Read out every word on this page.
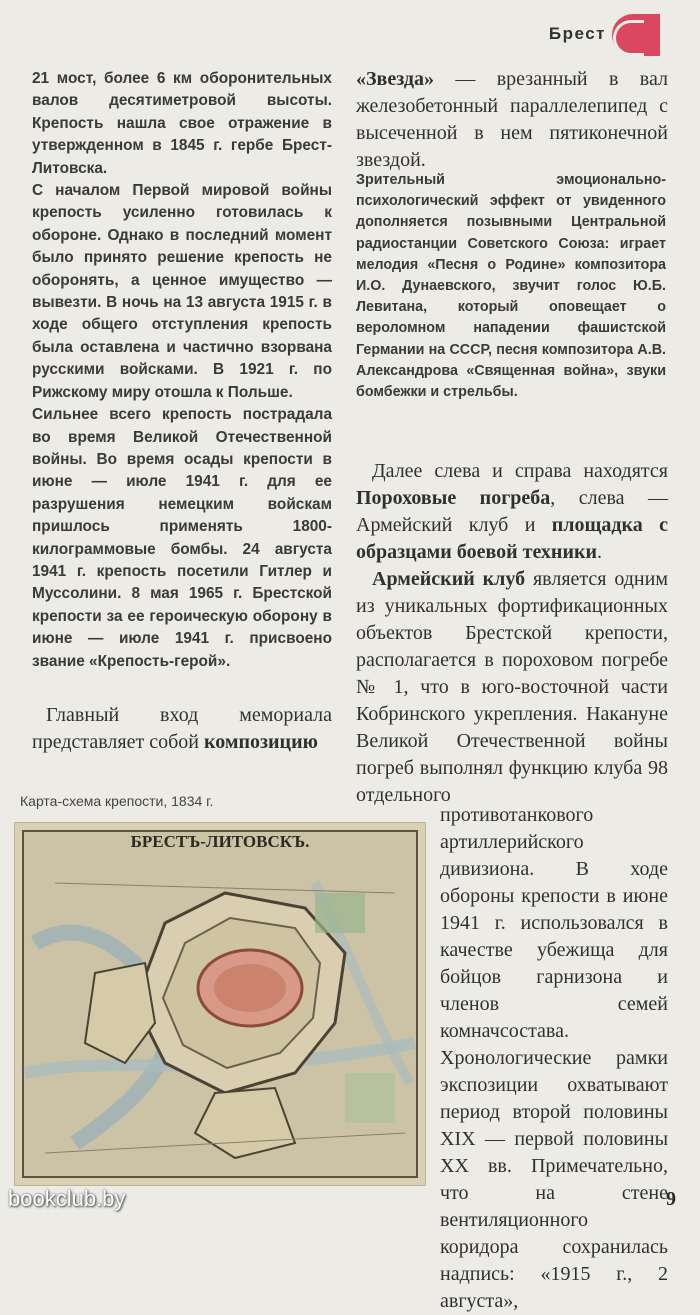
Брест

21 мост, более 6 км оборонительных валов десятиметровой высоты. Крепость нашла свое отражение в утвержденном в 1845 г. гербе Брест-Литовска.

С началом Первой мировой войны крепость усиленно готовилась к обороне. Однако в последний момент было принято решение крепость не оборонять, а ценное имущество — вывезти. В ночь на 13 августа 1915 г. в ходе общего отступления крепость была оставлена и частично взорвана русскими войсками. В 1921 г. по Рижскому миру отошла к Польше.

Сильнее всего крепость пострадала во время Великой Отечественной войны. Во время осады крепости в июне — июле 1941 г. для ее разрушения немецким войскам пришлось применять 1800-килограммовые бомбы. 24 августа 1941 г. крепость посетили Гитлер и Муссолини. 8 мая 1965 г. Брестской крепости за ее героическую оборону в июне — июле 1941 г. присвоено звание «Крепость-герой».

Главный вход мемориала представляет собой композицию
Карта-схема крепости, 1834 г.
БРЕСТЪ-ЛИТОВСКЪ.
«Звезда» — врезанный в вал железобетонный параллелепипед с высеченной в нем пятиконечной звездой.
Зрительный эмоционально-психологический эффект от увиденного дополняется позывными Центральной радиостанции Советского Союза: играет мелодия «Песня о Родине» композитора И.О. Дунаевского, звучит голос Ю.Б. Левитана, который оповещает о вероломном нападении фашистской Германии на СССР, песня композитора А.В. Александрова «Священная война», звуки бомбежки и стрельбы.

Далее слева и справа находятся Пороховые погреба, слева — Армейский клуб и площадка с образцами боевой техники.

Армейский клуб является одним из уникальных фортификационных объектов Брестской крепости, располагается в пороховом погребе № 1, что в юго-восточной части Кобринского укрепления. Накануне Великой Отечественной войны погреб выполнял функцию клуба 98 отдельного

противотанкового артиллерийского дивизиона. В ходе обороны крепости в июне 1941 г. использовался в качестве убежища для бойцов гарнизона и членов семей комначсостава. Хронологические рамки экспозиции охватывают период второй половины XIX — первой половины XX вв. Примечательно, что на стене вентиляционного коридора сохранилась надпись: «1915 г., 2 августа»,
9
bookclub.by
